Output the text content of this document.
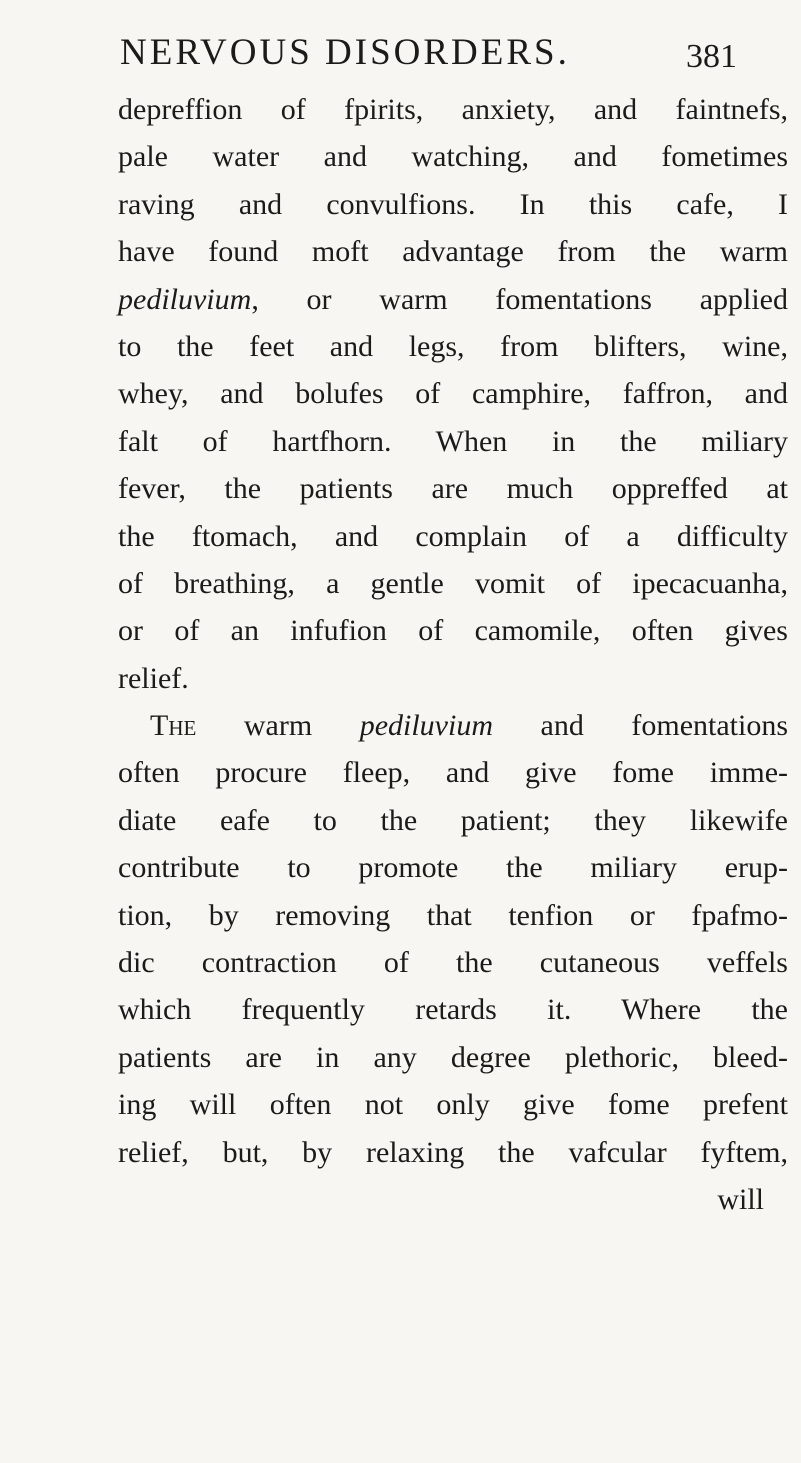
NERVOUS DISORDERS.	381
depreffion of fpirits, anxiety, and faintnefs,
pale water and watching, and fometimes
raving and convulfions. In this cafe, I
have found moft advantage from the warm
pediluvium, or warm fomentations applied
to the feet and legs, from blifters, wine,
whey, and bolufes of camphire, faffron, and
falt of hartfhorn. When in the miliary
fever, the patients are much oppreffed at
the ftomach, and complain of a difficulty
of breathing, a gentle vomit of ipecacuanha,
or of an infufion of camomile, often gives
relief.
The warm pediluvium and fomentations
often procure fleep, and give fome imme-
diate eafe to the patient; they likewife
contribute to promote the miliary erup-
tion, by removing that tenfion or fpafmo-
dic contraction of the cutaneous veffels
which frequently retards it. Where the
patients are in any degree plethoric, bleed-
ing will often not only give fome prefent
relief, but, by relaxing the vafcular fyftem,
will
